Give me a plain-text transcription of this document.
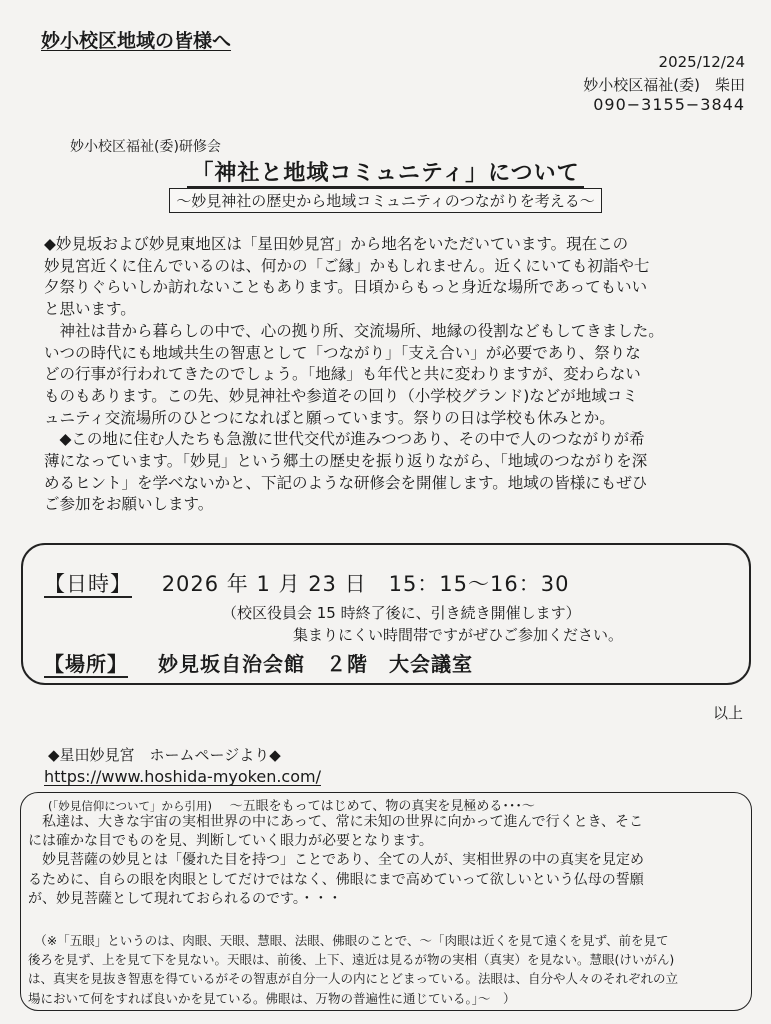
妙小校区地域の皆様へ
2025/12/24
妙小校区福祉(委)　柴田
090−3155−3844
妙小校区福祉(委)研修会
「神社と地域コミュニティ」について
〜妙見神社の歴史から地域コミュニティのつながりを考える〜
◆妙見坂および妙見東地区は「星田妙見宮」から地名をいただいています。現在この
妙見宮近くに住んでいるのは、何かの「ご縁」かもしれません。近くにいても初詣や七
夕祭りぐらいしか訪れないこともあります。日頃からもっと身近な場所であってもいい
と思います。
　神社は昔から暮らしの中で、心の拠り所、交流場所、地縁の役割などもしてきました。
いつの時代にも地域共生の智恵として「つながり」「支え合い」が必要であり、祭りな
どの行事が行われてきたのでしょう。「地縁」も年代と共に変わりますが、変わらない
ものもあります。この先、妙見神社や参道その回り（小学校グランド)などが地域コミ
ュニティ交流場所のひとつになればと願っています。祭りの日は学校も休みとか。
　◆この地に住む人たちも急激に世代交代が進みつつあり、その中で人のつながりが希
薄になっています。「妙見」という郷土の歴史を振り返りながら、「地域のつながりを深
めるヒント」を学べないかと、下記のような研修会を開催します。地域の皆様にもぜひ
ご参加をお願いします。
【日時】 2026 年 1 月 23 日　15：15〜16：30
（校区役員会 15 時終了後に、引き続き開催します）
集まりにくい時間帯ですがぜひご参加ください。
【場所】 妙見坂自治会館　２階　大会議室
以上
◆星田妙見宮　ホームページより◆
https://www.hoshida-myoken.com/
(「妙見信仰について」から引用) 〜五眼をもってはじめて、物の真実を見極める･･･〜
　私達は、大きな宇宙の実相世界の中にあって、常に未知の世界に向かって進んで行くとき、そこ
には確かな目でものを見、判断していく眼力が必要となります。
　妙見菩薩の妙見とは「優れた目を持つ」ことであり、全ての人が、実相世界の中の真実を見定め
るために、自らの眼を肉眼としてだけではなく、佛眼にまで高めていって欲しいという仏母の誓願
が、妙見菩薩として現れておられるのです。・・・
　（※「五眼」というのは、肉眼、天眼、慧眼、法眼、佛眼のことで、〜「肉眼は近くを見て遠くを見ず、前を見て
後ろを見ず、上を見て下を見ない。天眼は、前後、上下、遠近は見るが物の実相（真実）を見ない。慧眼(けいがん)
は、真実を見抜き智恵を得ているがその智恵が自分一人の内にとどまっている。法眼は、自分や人々のそれぞれの立
場において何をすれば良いかを見ている。佛眼は、万物の普遍性に通じている。｣〜　）
